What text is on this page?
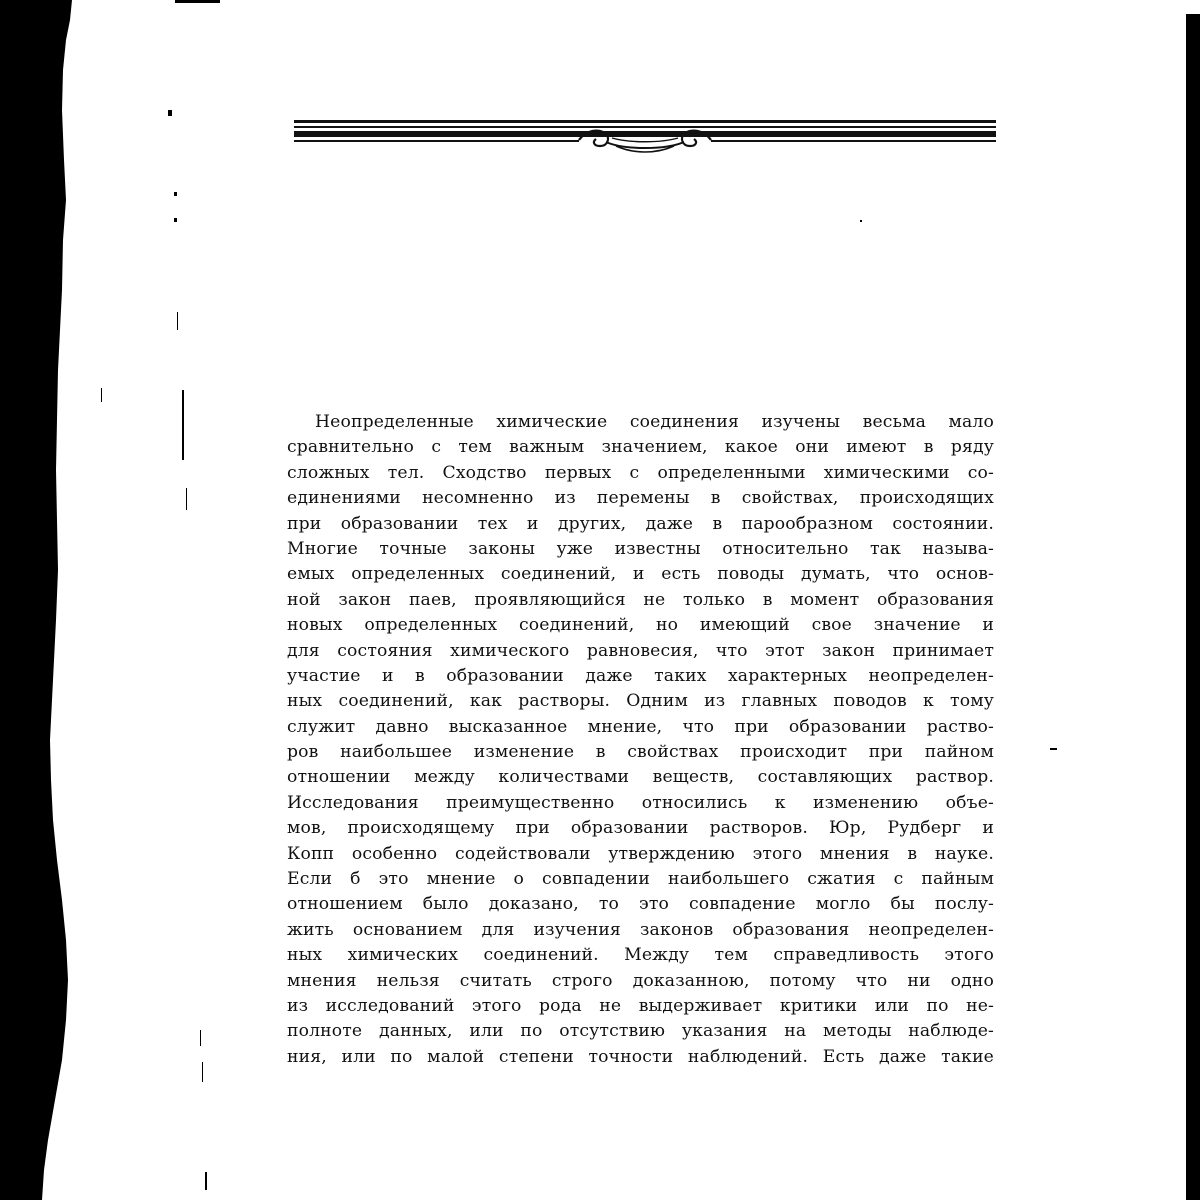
Неопределенные химические соединения изучены весьма мало
сравнительно с тем важным значением, какое они имеют в ряду
сложных тел. Сходство первых с определенными химическими со-
единениями несомненно из перемены в свойствах, происходящих
при образовании тех и других, даже в парообразном состоянии.
Многие точные законы уже известны относительно так называ-
емых определенных соединений, и есть поводы думать, что основ-
ной закон паев, проявляющийся не только в момент образования
новых определенных соединений, но имеющий свое значение и
для состояния химического равновесия, что этот закон принимает
участие и в образовании даже таких характерных неопределен-
ных соединений, как растворы. Одним из главных поводов к тому
служит давно высказанное мнение, что при образовании раство-
ров наибольшее изменение в свойствах происходит при пайном
отношении между количествами веществ, составляющих раствор.
Исследования преимущественно относились к изменению объе-
мов, происходящему при образовании растворов. Юр, Рудберг и
Копп особенно содействовали утверждению этого мнения в науке.
Если б это мнение о совпадении наибольшего сжатия с пайным
отношением было доказано, то это совпадение могло бы послу-
жить основанием для изучения законов образования неопределен-
ных химических соединений. Между тем справедливость этого
мнения нельзя считать строго доказанною, потому что ни одно
из исследований этого рода не выдерживает критики или по не-
полноте данных, или по отсутствию указания на методы наблюде-
ния, или по малой степени точности наблюдений. Есть даже такие
